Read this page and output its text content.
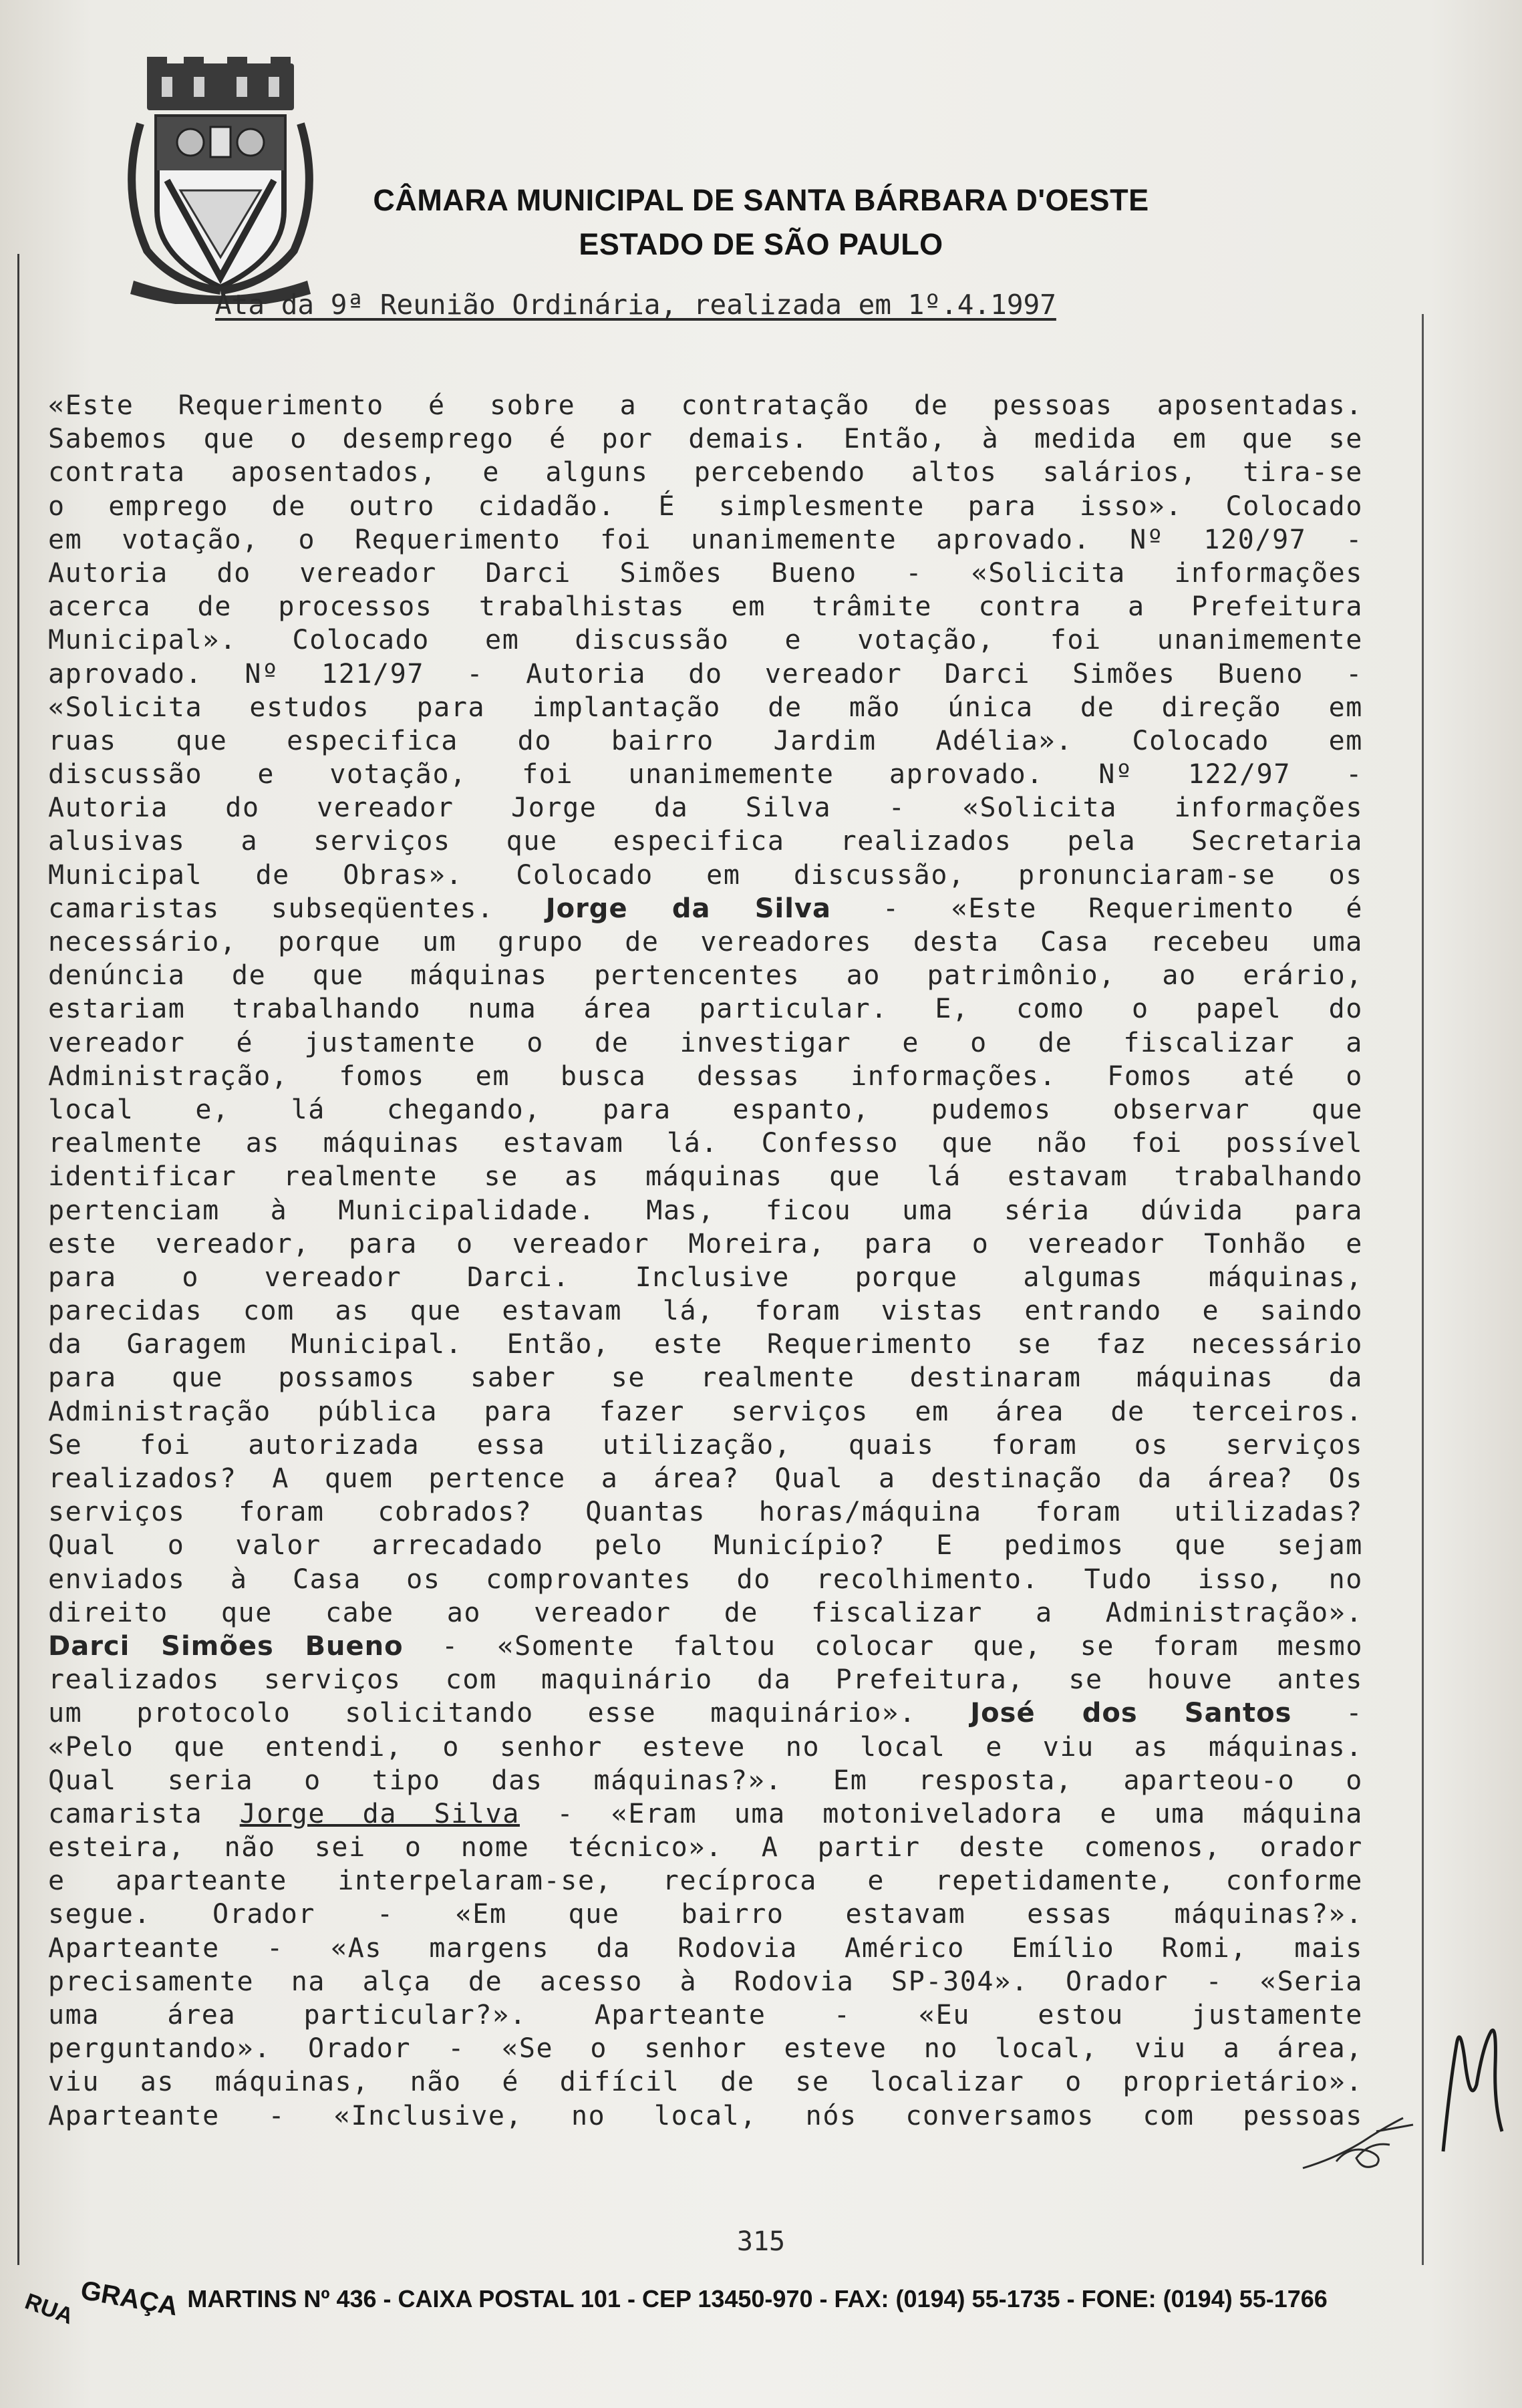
CÂMARA MUNICIPAL DE SANTA BÁRBARA D'OESTE
ESTADO DE SÃO PAULO
Ata da 9ª Reunião Ordinária, realizada em 1º.4.1997
«Este Requerimento é sobre a contratação de pessoas aposentadas.
Sabemos que o desemprego é por demais. Então, à medida em que se
contrata aposentados, e alguns percebendo altos salários, tira-se
o emprego de outro cidadão. É simplesmente para isso». Colocado
em votação, o Requerimento foi unanimemente aprovado. Nº 120/97 -
Autoria do vereador Darci Simões Bueno - «Solicita informações
acerca de processos trabalhistas em trâmite contra a Prefeitura
Municipal». Colocado em discussão e votação, foi unanimemente
aprovado. Nº 121/97 - Autoria do vereador Darci Simões Bueno -
«Solicita estudos para implantação de mão única de direção em
ruas que especifica do bairro Jardim Adélia». Colocado em
discussão e votação, foi unanimemente aprovado. Nº 122/97 -
Autoria do vereador Jorge da Silva - «Solicita informações
alusivas a serviços que especifica realizados pela Secretaria
Municipal de Obras». Colocado em discussão, pronunciaram-se os
camaristas subseqüentes. Jorge da Silva - «Este Requerimento é
necessário, porque um grupo de vereadores desta Casa recebeu uma
denúncia de que máquinas pertencentes ao patrimônio, ao erário,
estariam trabalhando numa área particular. E, como o papel do
vereador é justamente o de investigar e o de fiscalizar a
Administração, fomos em busca dessas informações. Fomos até o
local e, lá chegando, para espanto, pudemos observar que
realmente as máquinas estavam lá. Confesso que não foi possível
identificar realmente se as máquinas que lá estavam trabalhando
pertenciam à Municipalidade. Mas, ficou uma séria dúvida para
este vereador, para o vereador Moreira, para o vereador Tonhão e
para o vereador Darci. Inclusive porque algumas máquinas,
parecidas com as que estavam lá, foram vistas entrando e saindo
da Garagem Municipal. Então, este Requerimento se faz necessário
para que possamos saber se realmente destinaram máquinas da
Administração pública para fazer serviços em área de terceiros.
Se foi autorizada essa utilização, quais foram os serviços
realizados? A quem pertence a área? Qual a destinação da área? Os
serviços foram cobrados? Quantas horas/máquina foram utilizadas?
Qual o valor arrecadado pelo Município? E pedimos que sejam
enviados à Casa os comprovantes do recolhimento. Tudo isso, no
direito que cabe ao vereador de fiscalizar a Administração».
Darci Simões Bueno - «Somente faltou colocar que, se foram mesmo
realizados serviços com maquinário da Prefeitura, se houve antes
um protocolo solicitando esse maquinário». José dos Santos -
«Pelo que entendi, o senhor esteve no local e viu as máquinas.
Qual seria o tipo das máquinas?». Em resposta, aparteou-o o
camarista Jorge da Silva - «Eram uma motoniveladora e uma máquina
esteira, não sei o nome técnico». A partir deste comenos, orador
e aparteante interpelaram-se, recíproca e repetidamente, conforme
segue. Orador - «Em que bairro estavam essas máquinas?».
Aparteante - «As margens da Rodovia Américo Emílio Romi, mais
precisamente na alça de acesso à Rodovia SP-304». Orador - «Seria
uma área particular?». Aparteante - «Eu estou justamente
perguntando». Orador - «Se o senhor esteve no local, viu a área,
viu as máquinas, não é difícil de se localizar o proprietário».
Aparteante - «Inclusive, no local, nós conversamos com pessoas
315
RUAGRAÇA MARTINS Nº 436 - CAIXA POSTAL 101 - CEP 13450-970 - FAX: (0194) 55-1735 - FONE: (0194) 55-1766
